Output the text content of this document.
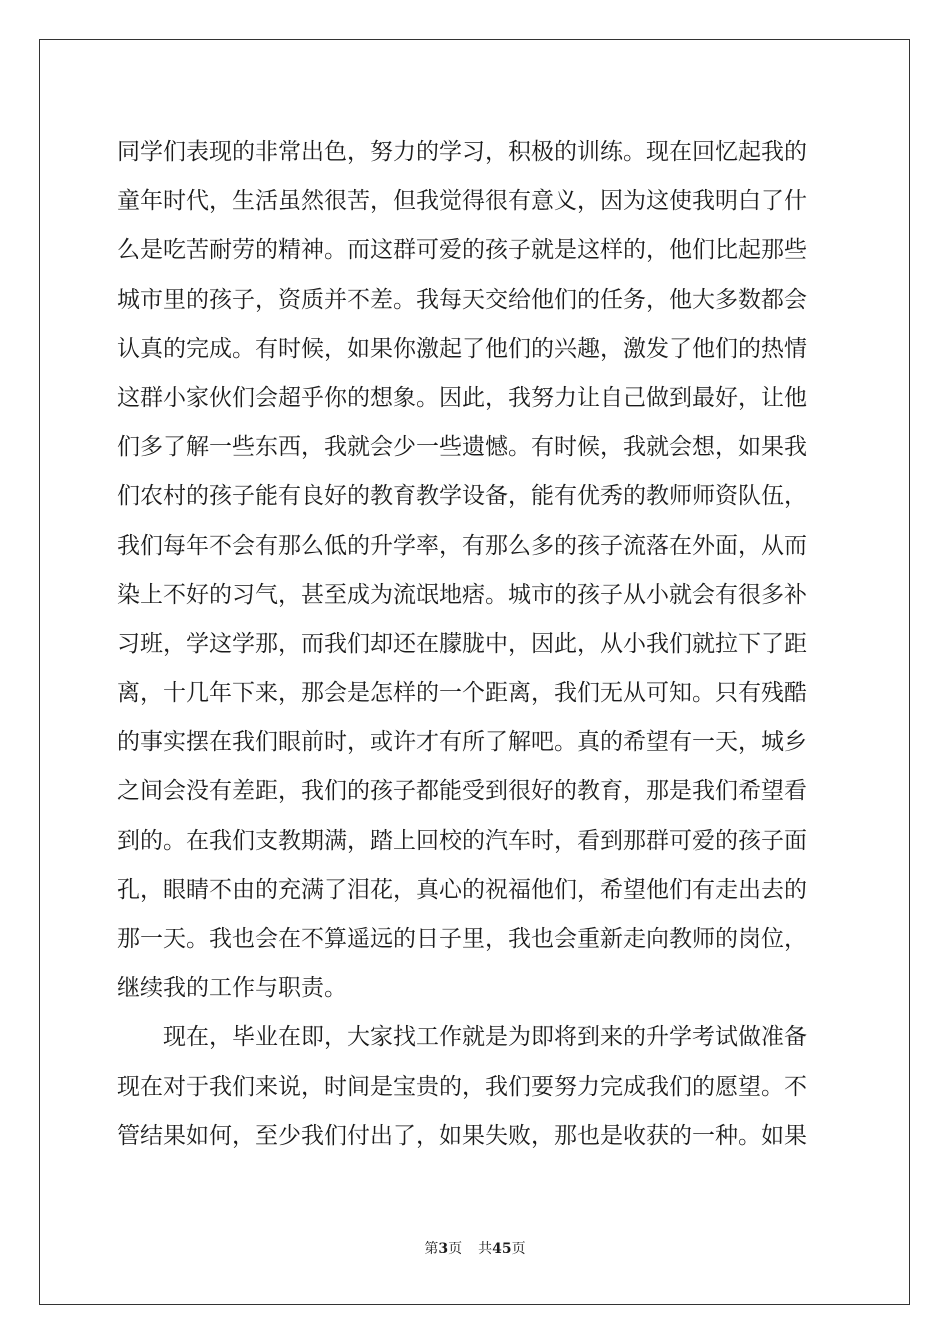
同学们表现的非常出色，努力的学习，积极的训练。现在回忆起我的
童年时代，生活虽然很苦，但我觉得很有意义，因为这使我明白了什
么是吃苦耐劳的精神。而这群可爱的孩子就是这样的，他们比起那些
城市里的孩子，资质并不差。我每天交给他们的任务，他大多数都会
认真的完成。有时候，如果你激起了他们的兴趣，激发了他们的热情
这群小家伙们会超乎你的想象。因此，我努力让自己做到最好，让他
们多了解一些东西，我就会少一些遗憾。有时候，我就会想，如果我
们农村的孩子能有良好的教育教学设备，能有优秀的教师师资队伍，
我们每年不会有那么低的升学率，有那么多的孩子流落在外面，从而
染上不好的习气，甚至成为流氓地痞。城市的孩子从小就会有很多补
习班，学这学那，而我们却还在朦胧中，因此，从小我们就拉下了距
离，十几年下来，那会是怎样的一个距离，我们无从可知。只有残酷
的事实摆在我们眼前时，或许才有所了解吧。真的希望有一天，城乡
之间会没有差距，我们的孩子都能受到很好的教育，那是我们希望看
到的。在我们支教期满，踏上回校的汽车时，看到那群可爱的孩子面
孔，眼睛不由的充满了泪花，真心的祝福他们，希望他们有走出去的
那一天。我也会在不算遥远的日子里，我也会重新走向教师的岗位，
继续我的工作与职责。
现在，毕业在即，大家找工作就是为即将到来的升学考试做准备
现在对于我们来说，时间是宝贵的，我们要努力完成我们的愿望。不
管结果如何，至少我们付出了，如果失败，那也是收获的一种。如果
第3页 共45页
